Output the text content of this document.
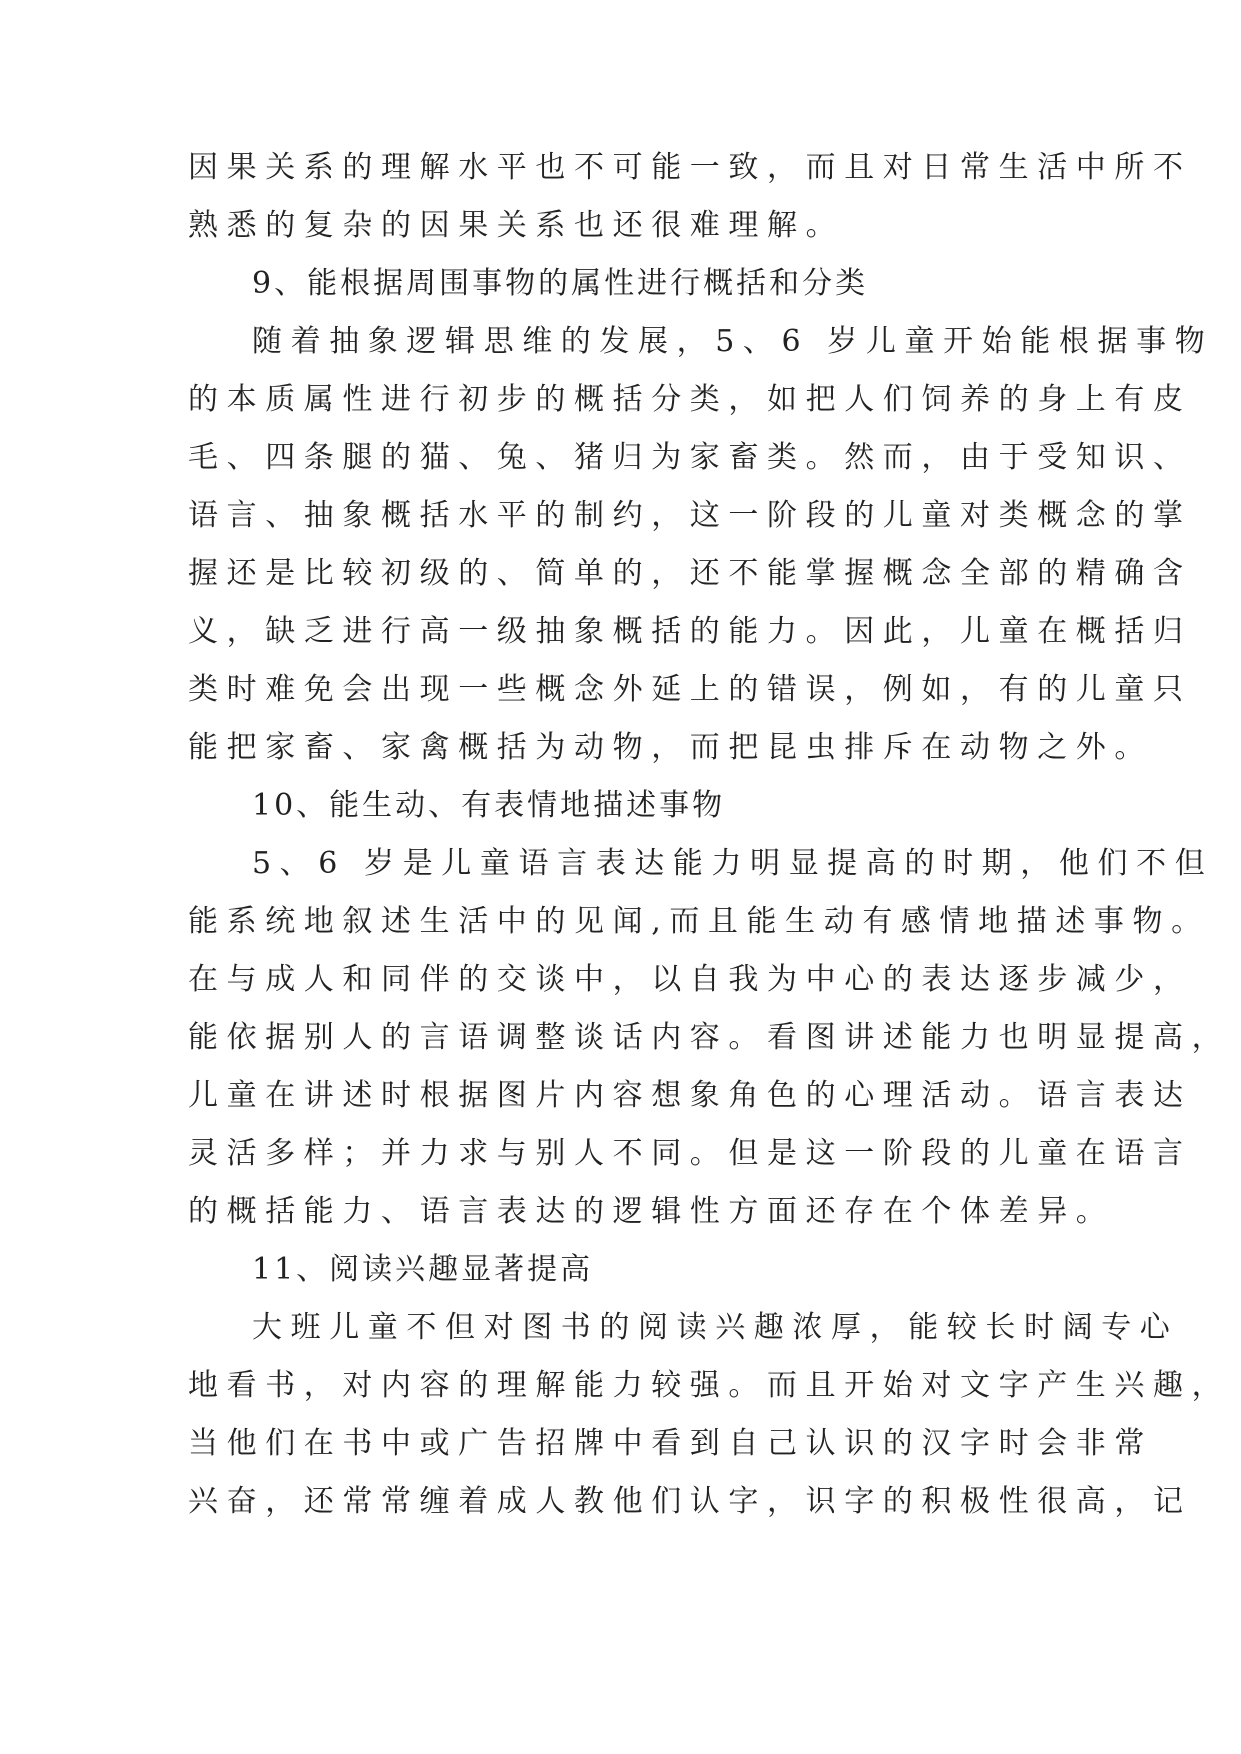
因果关系的理解水平也不可能一致，而且对日常生活中所不
熟悉的复杂的因果关系也还很难理解。
9、能根据周围事物的属性进行概括和分类
随着抽象逻辑思维的发展，5、6 岁儿童开始能根据事物
的本质属性进行初步的概括分类，如把人们饲养的身上有皮
毛、四条腿的猫、兔、猪归为家畜类。然而，由于受知识、
语言、抽象概括水平的制约，这一阶段的儿童对类概念的掌
握还是比较初级的、简单的，还不能掌握概念全部的精确含
义，缺乏进行高一级抽象概括的能力。因此，儿童在概括归
类时难免会出现一些概念外延上的错误，例如，有的儿童只
能把家畜、家禽概括为动物，而把昆虫排斥在动物之外。
10、能生动、有表情地描述事物
5、6 岁是儿童语言表达能力明显提高的时期，他们不但
能系统地叙述生活中的见闻,而且能生动有感情地描述事物。
在与成人和同伴的交谈中，以自我为中心的表达逐步减少，
能依据别人的言语调整谈话内容。看图讲述能力也明显提高，
儿童在讲述时根据图片内容想象角色的心理活动。语言表达
灵活多样；并力求与别人不同。但是这一阶段的儿童在语言
的概括能力、语言表达的逻辑性方面还存在个体差异。
11、阅读兴趣显著提高
大班儿童不但对图书的阅读兴趣浓厚，能较长时阔专心
地看书，对内容的理解能力较强。而且开始对文字产生兴趣，
当他们在书中或广告招牌中看到自己认识的汉字时会非常
兴奋，还常常缠着成人教他们认字，识字的积极性很高，记
